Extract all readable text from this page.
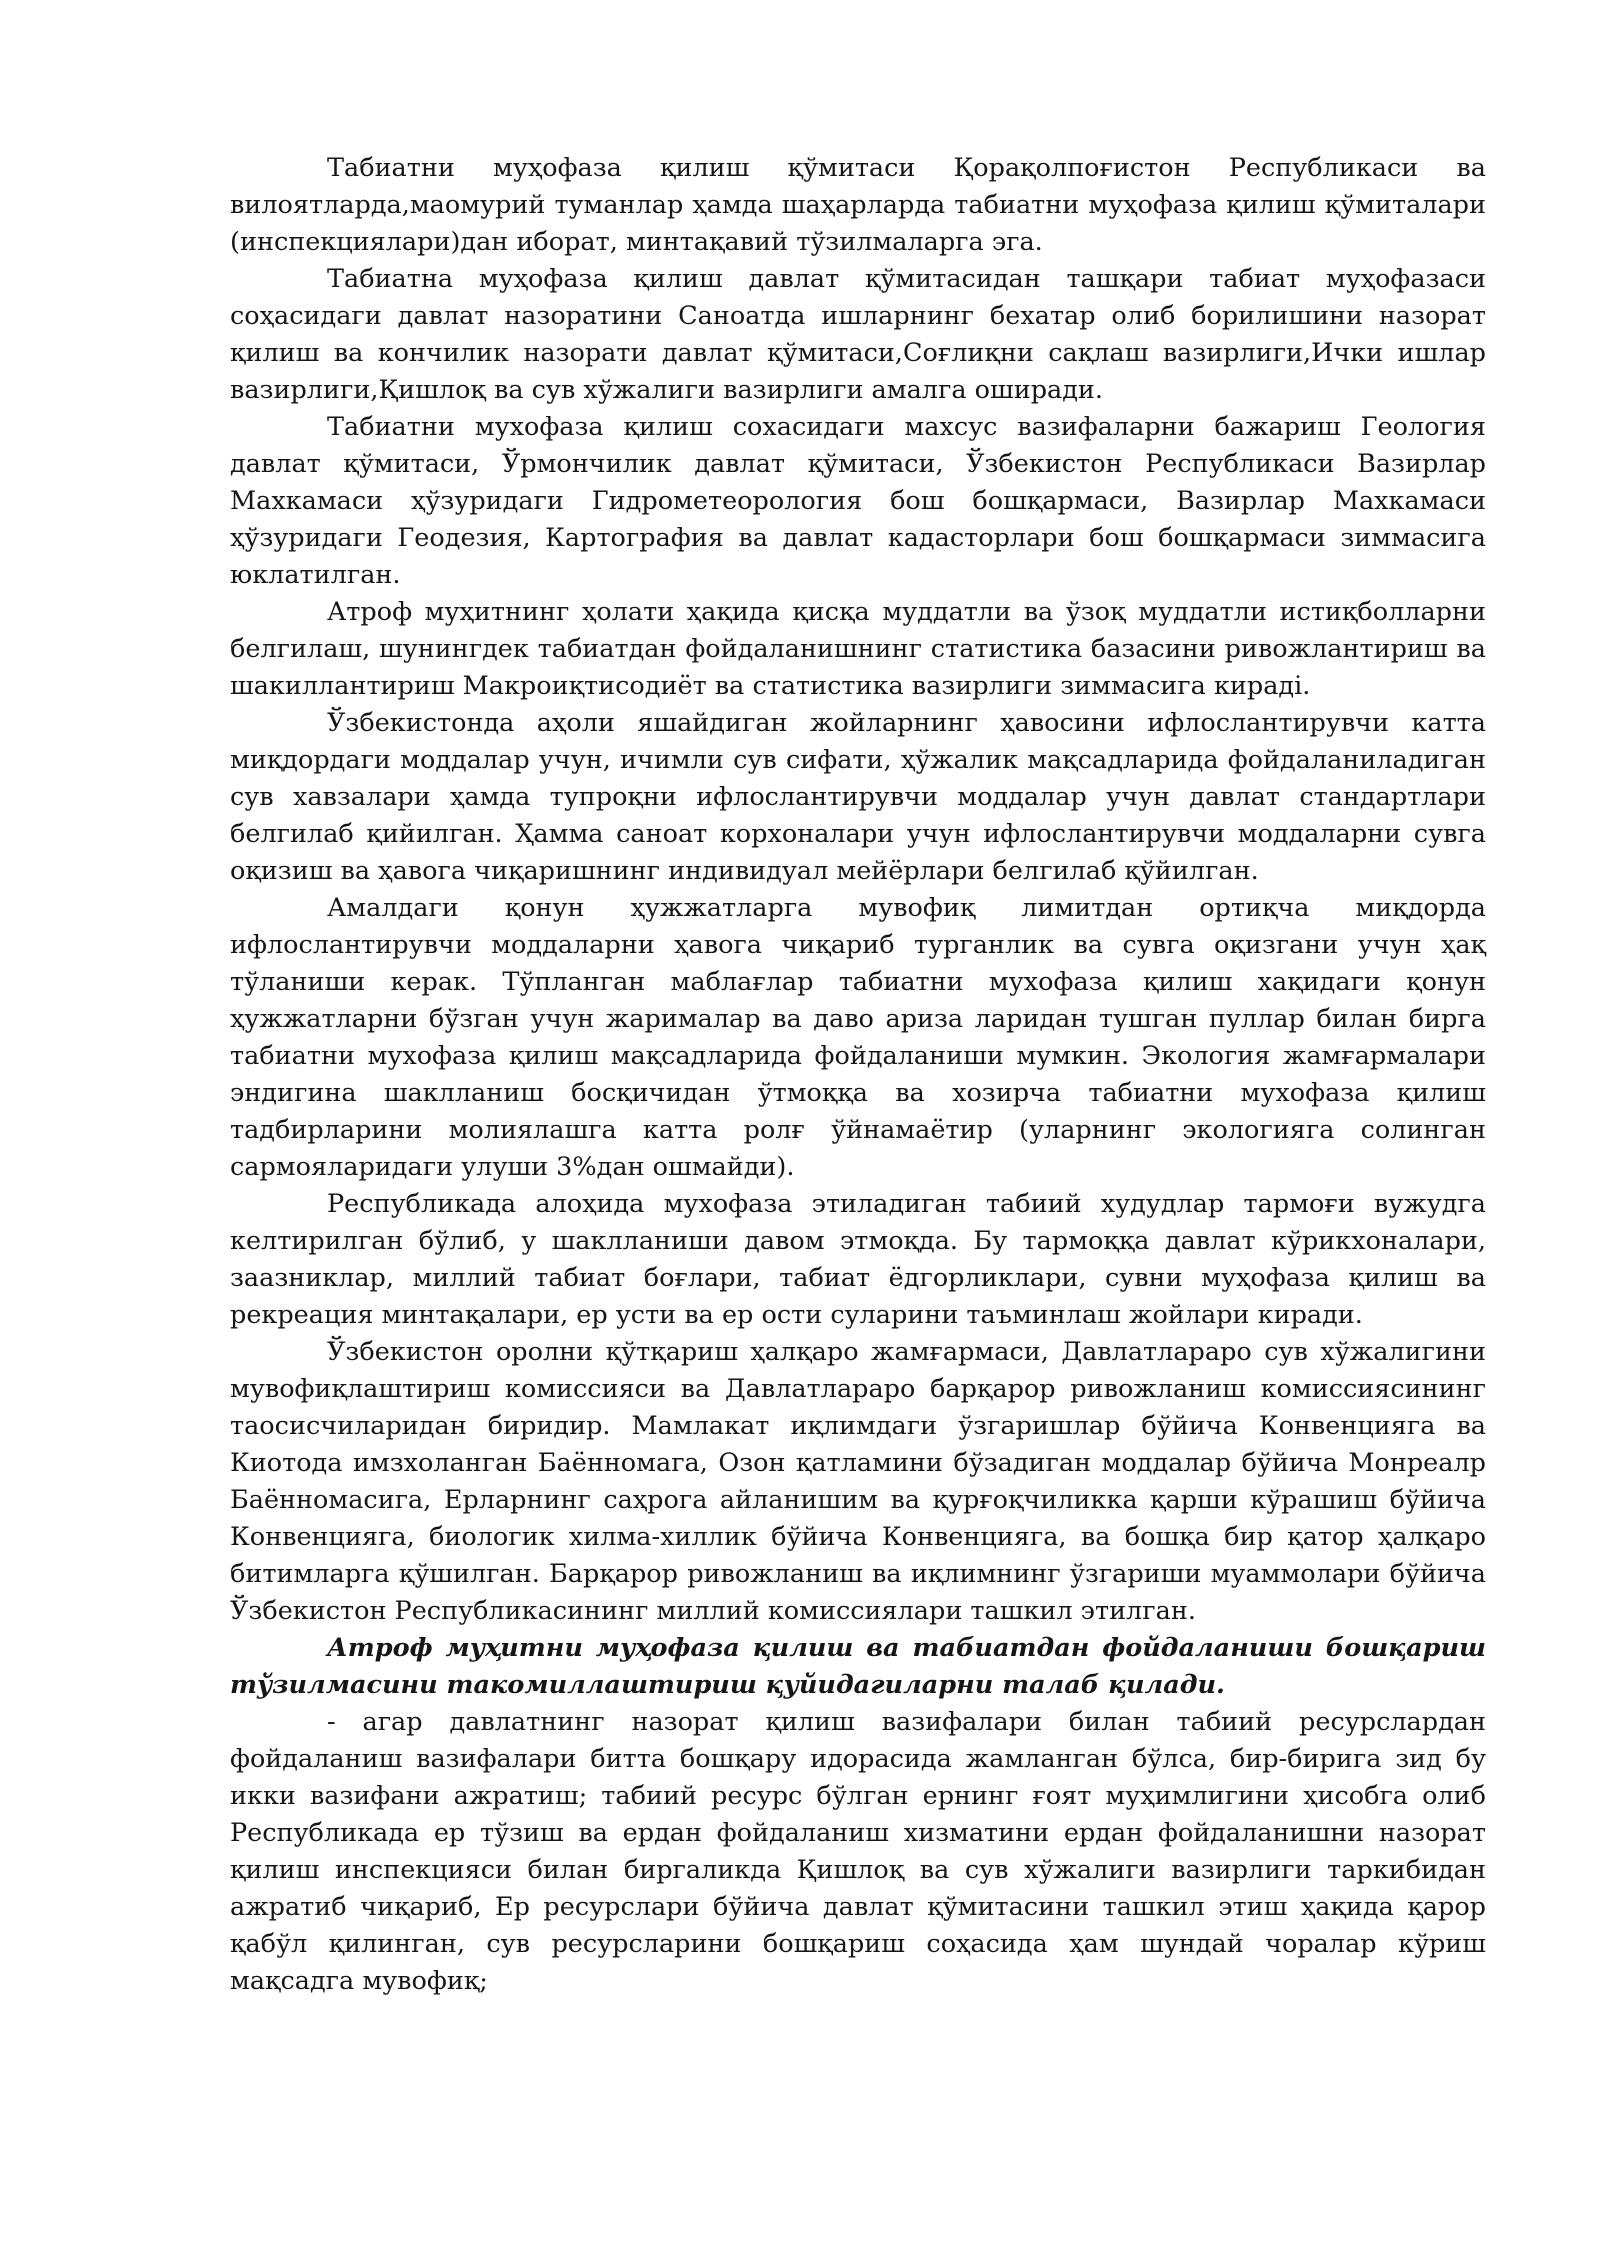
Табиатни муҳофаза қилиш қўмитаси Қорақолпоғистон Республикаси ва вилоятларда,маомурий туманлар ҳамда шаҳарларда табиатни муҳофаза қилиш қўмиталари (инспекциялари)дан иборат, минтақавий тўзилмаларга эга.

Табиатна муҳофаза қилиш давлат қўмитасидан ташқари табиат муҳофазаси соҳасидаги давлат назоратини Саноатда ишларнинг бехатар олиб борилишини назорат қилиш ва кончилик назорати давлат қўмитаси,Соғлиқни сақлаш вазирлиги,Ички ишлар вазирлиги,Қишлоқ ва сув хўжалиги вазирлиги амалга оширади.

Табиатни мухофаза қилиш сохасидаги махсус вазифаларни бажариш Геология давлат қўмитаси, Ўрмончилик давлат қўмитаси, Ўзбекистон Республикаси Вазирлар Махкамаси ҳўзуридаги Гидрометеорология бош бошқармаси, Вазирлар Махкамаси ҳўзуридаги Геодезия, Картография ва давлат кадасторлари бош бошқармаси зиммасига юклатилган.

Атроф муҳитнинг ҳолати ҳақида қисқа муддатли ва ўзоқ муддатли истиқболларни белгилаш, шунингдек табиатдан фойдаланишнинг статистика базасини ривожлантириш ва шакиллантириш Макроиқтисодиёт ва статистика вазирлиги зиммасига кирадi.

Ўзбекистонда аҳоли яшайдиган жойларнинг ҳавосини ифлослантирувчи катта миқдордаги моддалар учун, ичимли сув сифати, ҳўжалик мақсадларида фойдаланиладиган сув хавзалари ҳамда тупроқни ифлослантирувчи моддалар учун давлат стандартлари белгилаб қийилган. Ҳамма саноат корхоналари учун ифлослантирувчи моддаларни сувга оқизиш ва ҳавога чиқаришнинг индивидуал мейёрлари белгилаб қўйилган.

Амалдаги қонун ҳужжатларга мувофиқ лимитдан ортиқча миқдорда ифлослантирувчи моддаларни ҳавога чиқариб турганлик ва сувга оқизгани учун ҳақ тўланиши керак. Тўпланган маблағлар табиатни мухофаза қилиш хақидаги қонун ҳужжатларни бўзган учун жарималар ва даво ариза ларидан тушган пуллар билан бирга табиатни мухофаза қилиш мақсадларида фойдаланиши мумкин. Экология жамғармалари эндигина шаклланиш босқичидан ўтмоққа ва хозирча табиатни мухофаза қилиш тадбирларини молиялашга катта ролғ ўйнамаётир (уларнинг экологияга солинган сармояларидаги улуши 3%дан ошмайди).

Республикада алоҳида мухофаза этиладиган табиий худудлар тармоғи вужудга келтирилган бўлиб, у шаклланиши давом этмоқда. Бу тармоққа давлат кўрикхоналари, заазниклар, миллий табиат боғлари, табиат ёдгорликлари, сувни муҳофаза қилиш ва рекреация минтақалари, ер усти ва ер ости суларини таъминлаш жойлари киради.

Ўзбекистон оролни қўтқариш ҳалқаро жамғармаси, Давлатлараро сув хўжалигини мувофиқлаштириш комиссияси ва Давлатлараро барқарор ривожланиш комиссиясининг таосисчиларидан биридир. Мамлакат иқлимдаги ўзгаришлар бўйича Конвенцияга ва Киотода имзхоланган Баённомага, Озон қатламини бўзадиган моддалар бўйича Монреалр Баённомасига, Ерларнинг саҳрога айланишим ва қурғоқчиликка қарши кўрашиш бўйича Конвенцияга, биологик хилма-хиллик бўйича Конвенцияга, ва бошқа бир қатор ҳалқаро битимларга қўшилган. Барқарор ривожланиш ва иқлимнинг ўзгариши муаммолари бўйича Ўзбекистон Республикасининг миллий комиссиялари ташкил этилган.

Атроф муҳитни муҳофаза қилиш ва табиатдан фойдаланиши бошқариш тўзилмасини такомиллаштириш қуйидагиларни талаб қилади.

- агар давлатнинг назорат қилиш вазифалари билан табиий ресурслардан фойдаланиш вазифалари битта бошқару идорасида жамланган бўлса, бир-бирига зид бу икки вазифани ажратиш; табиий ресурс бўлган ернинг ғоят муҳимлигини ҳисобга олиб Республикада ер тўзиш ва ердан фойдаланиш хизматини ердан фойдаланишни назорат қилиш инспекцияси билан биргаликда Қишлоқ ва сув хўжалиги вазирлиги таркибидан ажратиб чиқариб, Ер ресурслари бўйича давлат қўмитасини ташкил этиш ҳақида қарор қабўл қилинган, сув ресурсларини бошқариш соҳасида ҳам шундай чоралар кўриш мақсадга мувофиқ;
